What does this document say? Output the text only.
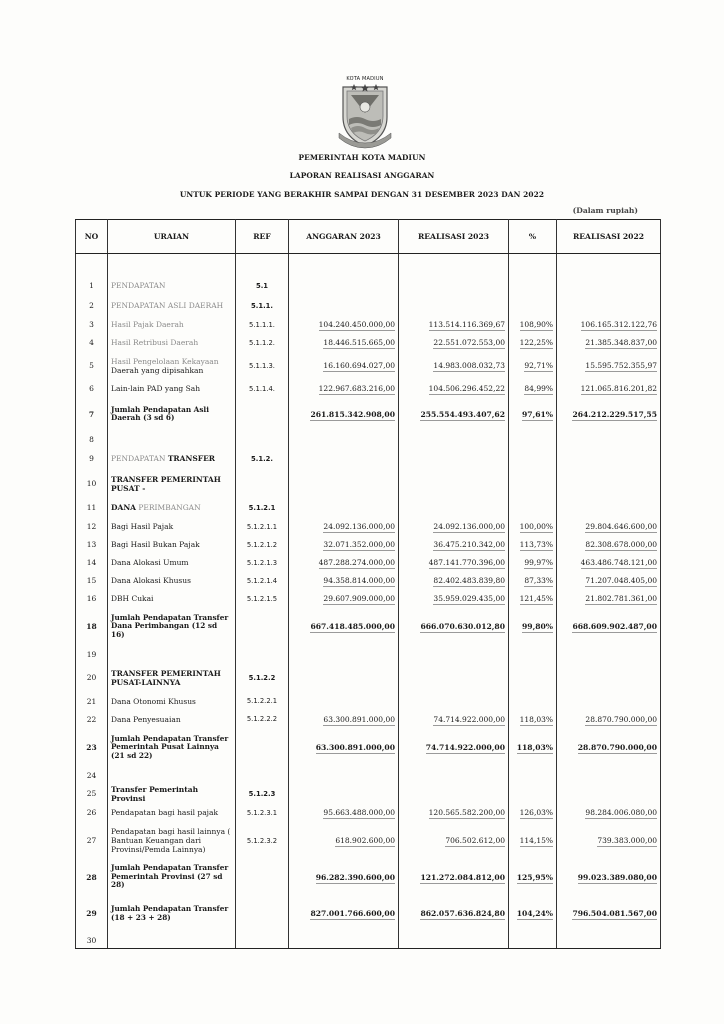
KOTA MADIUN
PEMERINTAH KOTA MADIUN
LAPORAN REALISASI ANGGARAN
UNTUK PERIODE YANG BERAKHIR SAMPAI DENGAN 31 DESEMBER 2023 DAN 2022
(Dalam rupiah)
NO	URAIAN	REF	ANGGARAN 2023	REALISASI 2023	%	REALISASI 2022

1	PENDAPATAN	5.1				
2	PENDAPATAN ASLI DAERAH	5.1.1.				
3	Hasil Pajak Daerah	5.1.1.1.	104.240.450.000,00	113.514.116.369,67	108,90%	106.165.312.122,76
4	Hasil Retribusi Daerah	5.1.1.2.	18.446.515.665,00	22.551.072.553,00	122,25%	21.385.348.837,00
5	Hasil Pengelolaan Kekayaan
Daerah yang dipisahkan	5.1.1.3.	16.160.694.027,00	14.983.008.032,73	92,71%	15.595.752.355,97
6	Lain-lain PAD yang Sah	5.1.1.4.	122.967.683.216,00	104.506.296.452,22	84,99%	121.065.816.201,82
7	Jumlah Pendapatan Asli Daerah (3 sd 6)		261.815.342.908,00	255.554.493.407,62	97,61%	264.212.229.517,55
8						
9	PENDAPATAN TRANSFER	5.1.2.				
10	TRANSFER PEMERINTAH PUSAT -					
11	DANA PERIMBANGAN	5.1.2.1				
12	Bagi Hasil Pajak	5.1.2.1.1	24.092.136.000,00	24.092.136.000,00	100,00%	29.804.646.600,00
13	Bagi Hasil Bukan Pajak	5.1.2.1.2	32.071.352.000,00	36.475.210.342,00	113,73%	82.308.678.000,00
14	Dana Alokasi Umum	5.1.2.1.3	487.288.274.000,00	487.141.770.396,00	99,97%	463.486.748.121,00
15	Dana Alokasi Khusus	5.1.2.1.4	94.358.814.000,00	82.402.483.839,80	87,33%	71.207.048.405,00
16	DBH Cukai	5.1.2.1.5	29.607.909.000,00	35.959.029.435,00	121,45%	21.802.781.361,00
18	Jumlah Pendapatan Transfer Dana Perimbangan (12 sd 16)		667.418.485.000,00	666.070.630.012,80	99,80%	668.609.902.487,00
19						
20	TRANSFER PEMERINTAH PUSAT-LAINNYA	5.1.2.2				
21	Dana Otonomi Khusus	5.1.2.2.1				
22	Dana Penyesuaian	5.1.2.2.2	63.300.891.000,00	74.714.922.000,00	118,03%	28.870.790.000,00
23	Jumlah Pendapatan Transfer Pemerintah Pusat Lainnya (21 sd 22)		63.300.891.000,00	74.714.922.000,00	118,03%	28.870.790.000,00
24						
25	Transfer Pemerintah Provinsi	5.1.2.3				
26	Pendapatan bagi hasil pajak	5.1.2.3.1	95.663.488.000,00	120.565.582.200,00	126,03%	98.284.006.080,00
27	Pendapatan bagi hasil lainnya ( Bantuan Keuangan dari Provinsi/Pemda Lainnya)	5.1.2.3.2	618.902.600,00	706.502.612,00	114,15%	739.383.000,00
28	Jumlah Pendapatan Transfer Pemerintah Provinsi (27 sd 28)		96.282.390.600,00	121.272.084.812,00	125,95%	99.023.389.080,00
29	Jumlah Pendapatan Transfer (18 + 23 + 28)		827.001.766.600,00	862.057.636.824,80	104,24%	796.504.081.567,00
30						
